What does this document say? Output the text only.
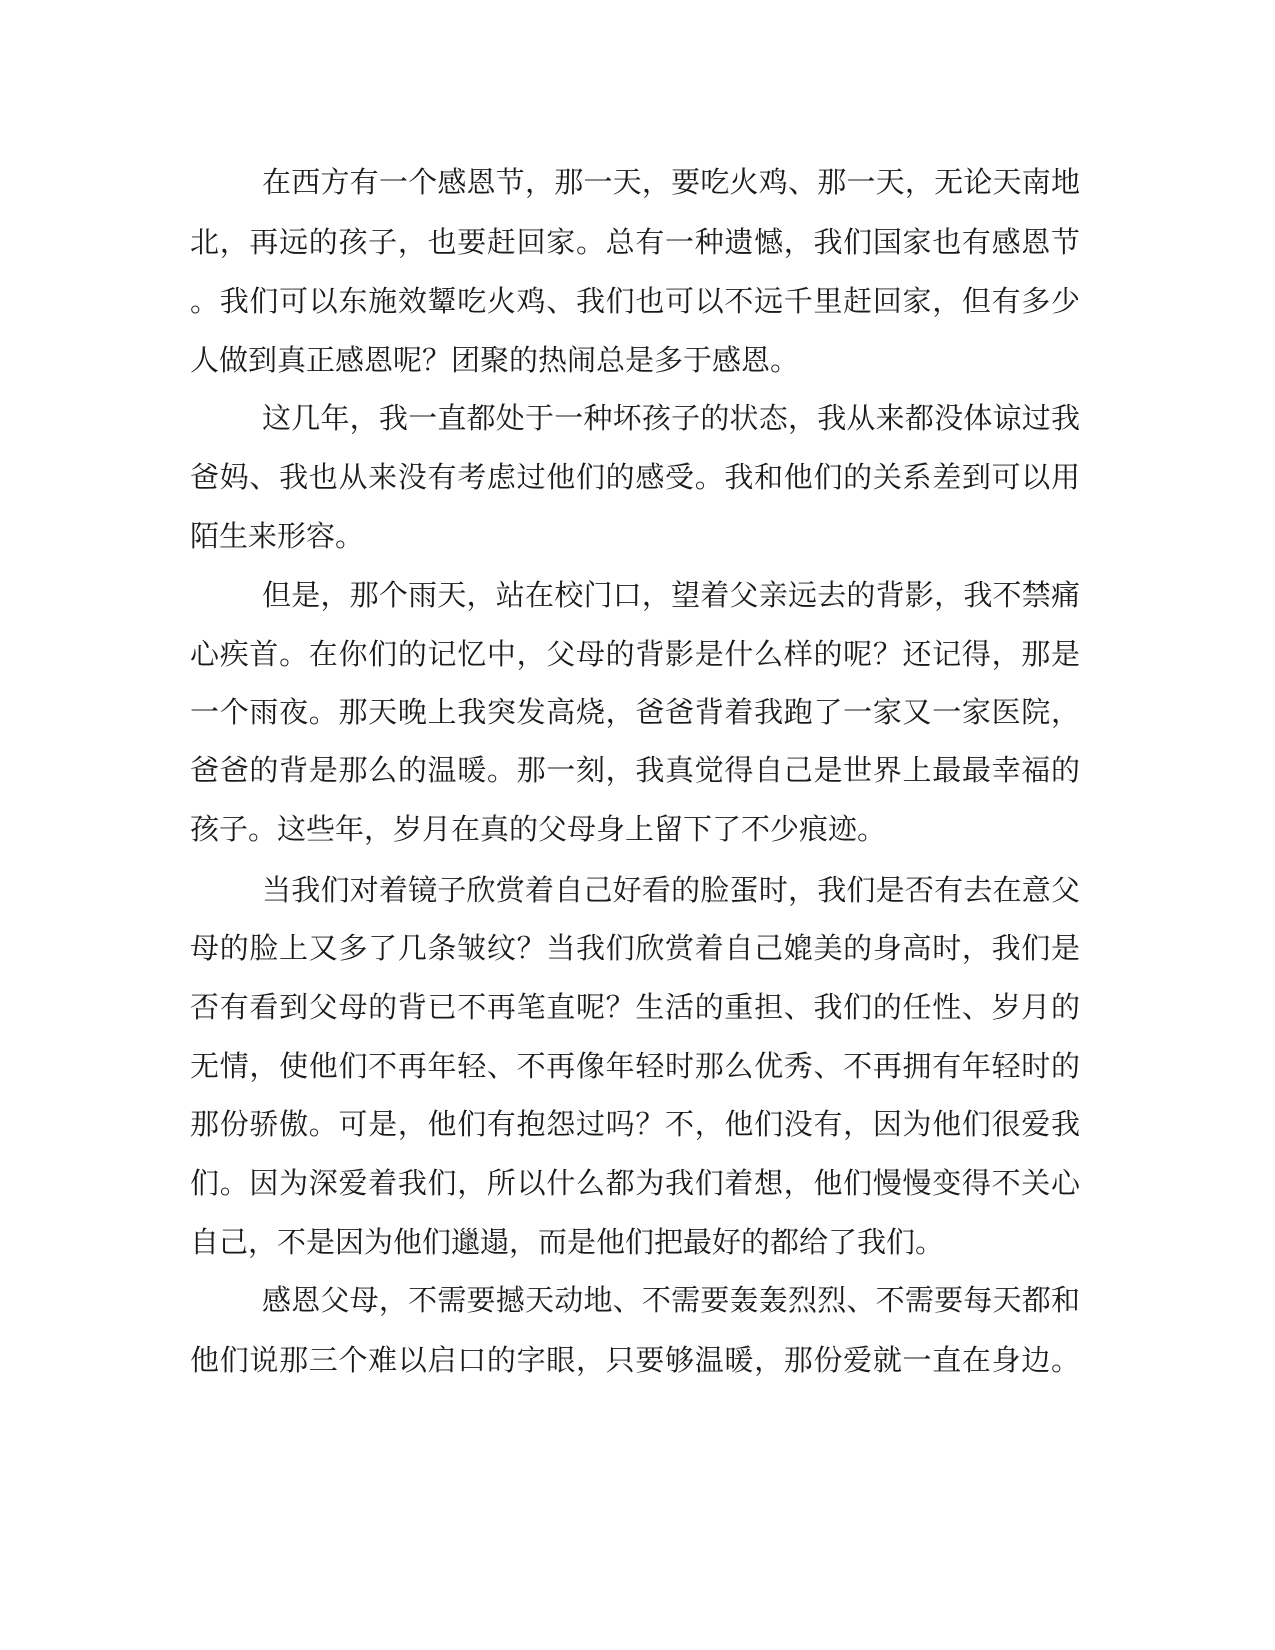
在西方有一个感恩节，那一天，要吃火鸡、那一天，无论天南地
北，再远的孩子，也要赶回家。总有一种遗憾，我们国家也有感恩节
。我们可以东施效颦吃火鸡、我们也可以不远千里赶回家，但有多少
人做到真正感恩呢？团聚的热闹总是多于感恩。
这几年，我一直都处于一种坏孩子的状态，我从来都没体谅过我
爸妈、我也从来没有考虑过他们的感受。我和他们的关系差到可以用
陌生来形容。
但是，那个雨天，站在校门口，望着父亲远去的背影，我不禁痛
心疾首。在你们的记忆中，父母的背影是什么样的呢？还记得，那是
一个雨夜。那天晚上我突发高烧，爸爸背着我跑了一家又一家医院，
爸爸的背是那么的温暖。那一刻，我真觉得自己是世界上最最幸福的
孩子。这些年，岁月在真的父母身上留下了不少痕迹。
当我们对着镜子欣赏着自己好看的脸蛋时，我们是否有去在意父
母的脸上又多了几条皱纹？当我们欣赏着自己媲美的身高时，我们是
否有看到父母的背已不再笔直呢？生活的重担、我们的任性、岁月的
无情，使他们不再年轻、不再像年轻时那么优秀、不再拥有年轻时的
那份骄傲。可是，他们有抱怨过吗？不，他们没有，因为他们很爱我
们。因为深爱着我们，所以什么都为我们着想，他们慢慢变得不关心
自己，不是因为他们邋遢，而是他们把最好的都给了我们。
感恩父母，不需要撼天动地、不需要轰轰烈烈、不需要每天都和
他们说那三个难以启口的字眼，只要够温暖，那份爱就一直在身边。
